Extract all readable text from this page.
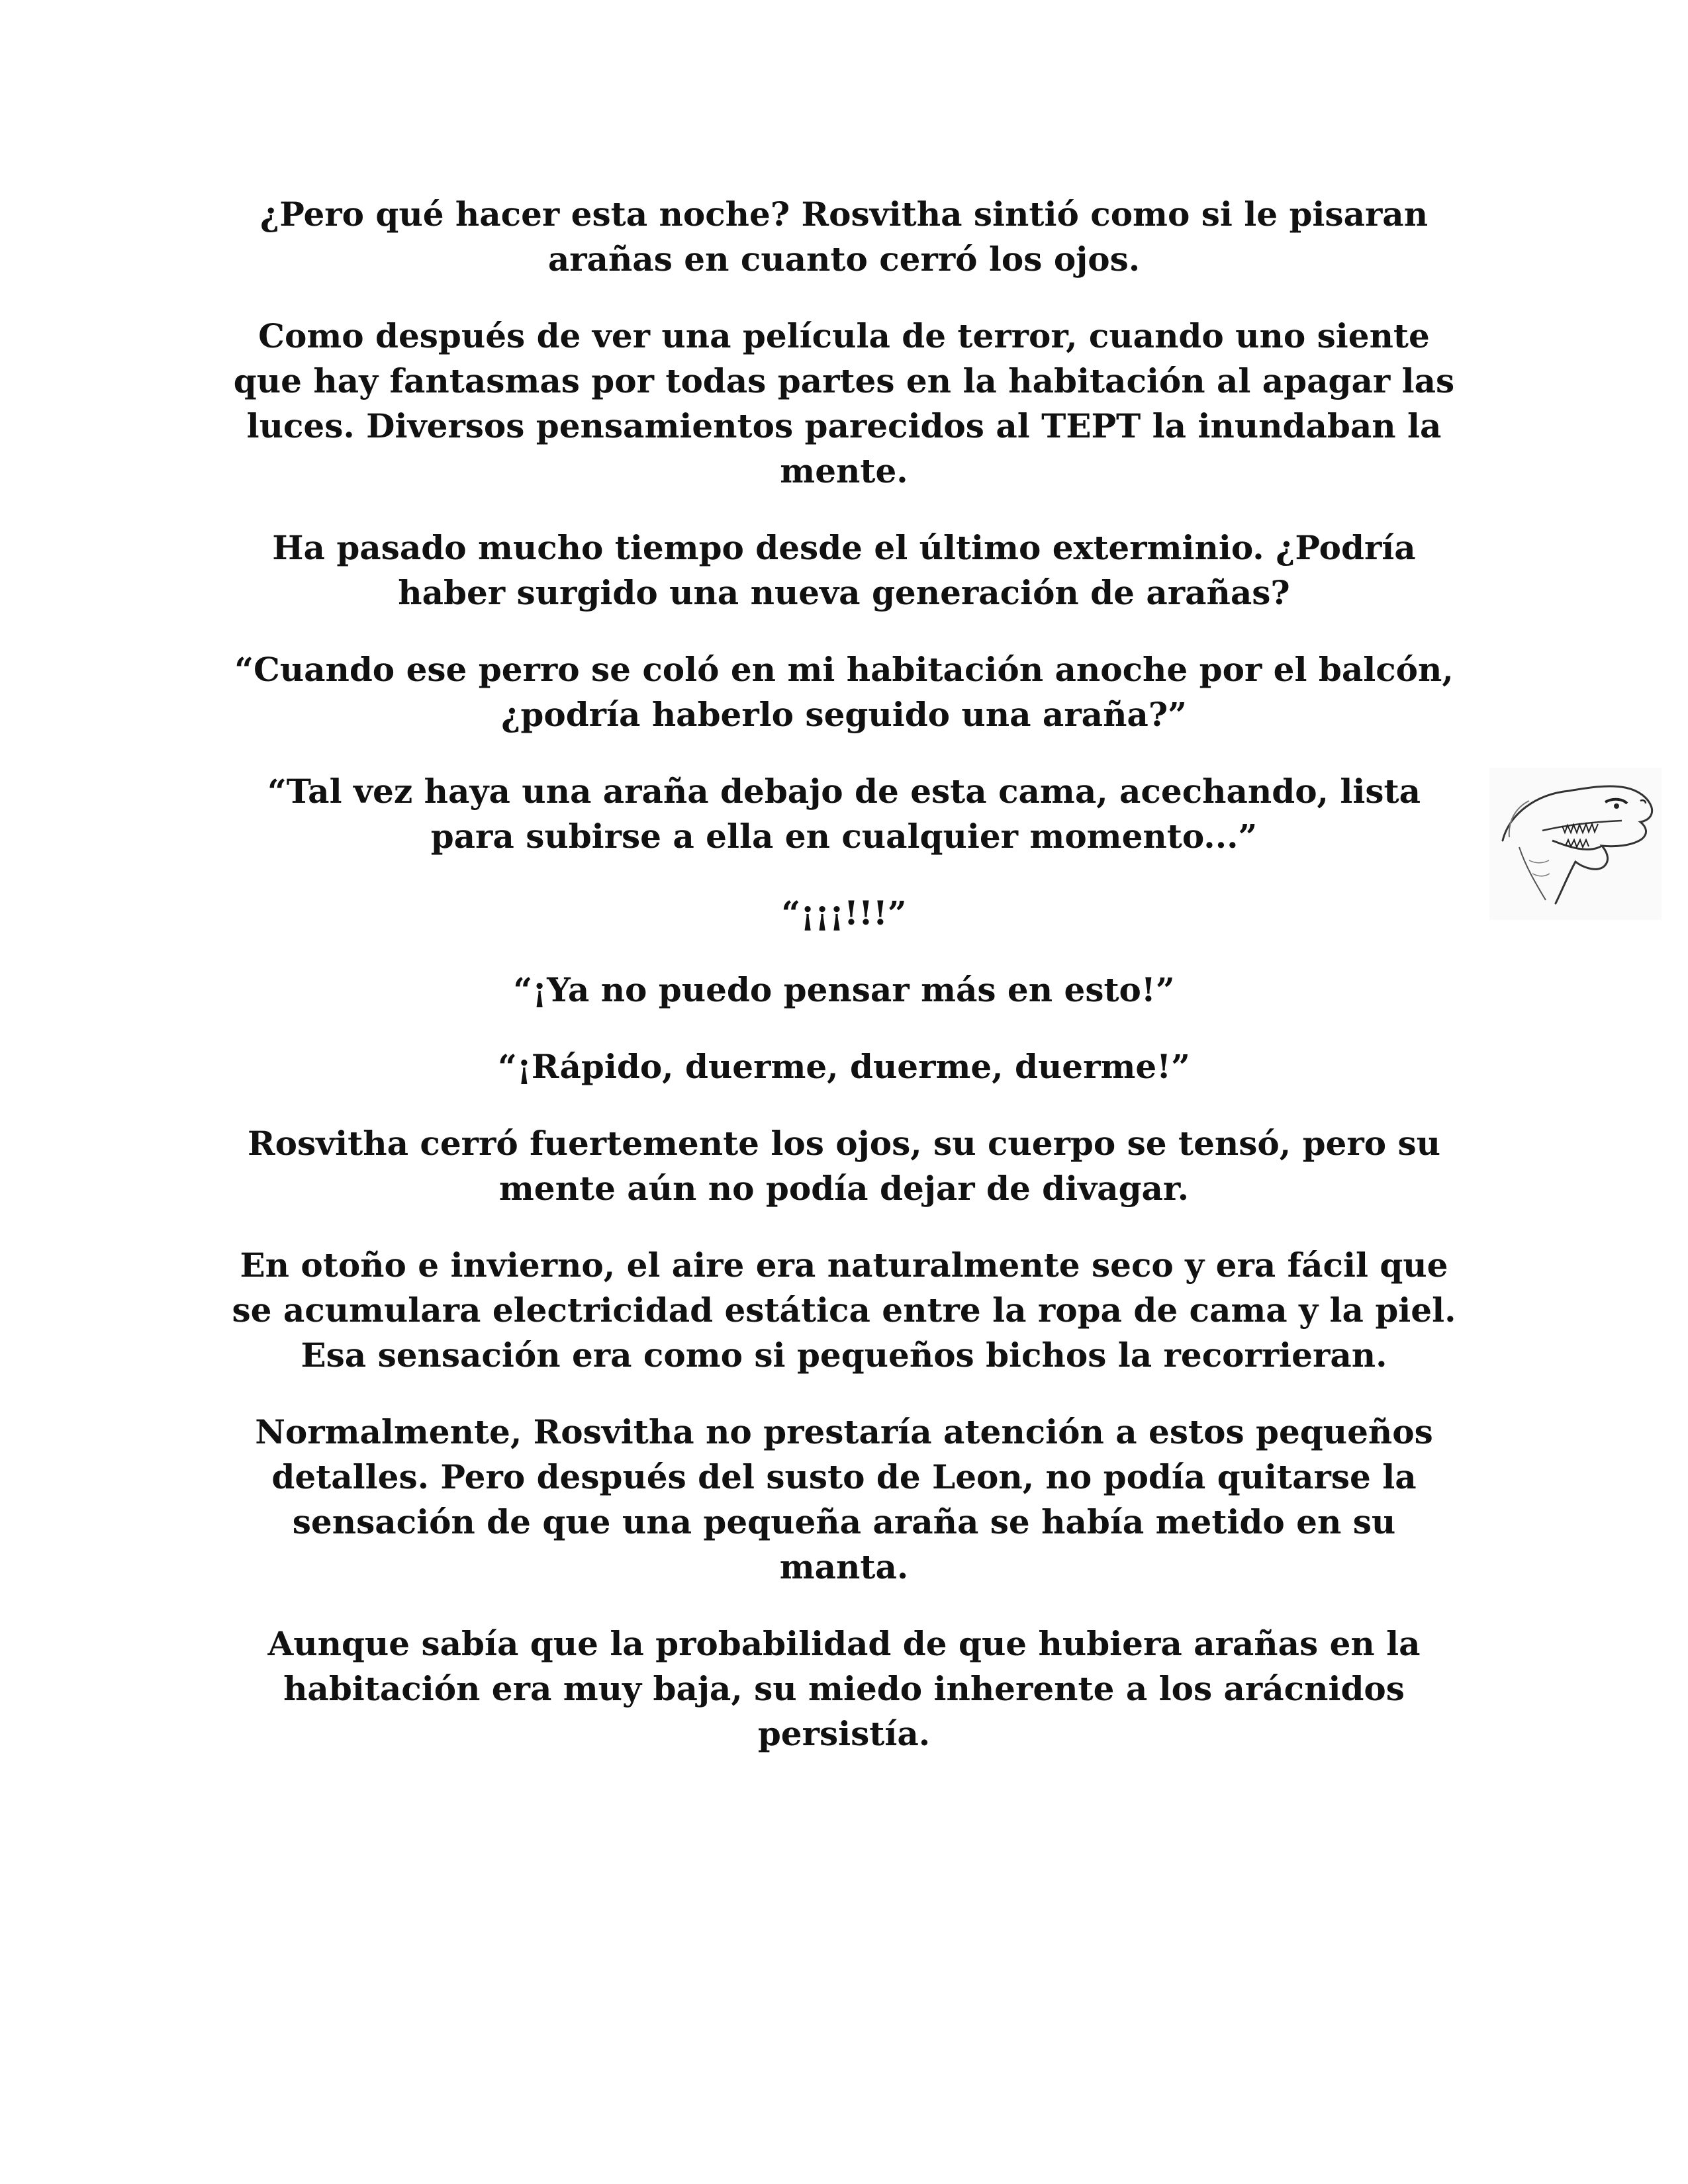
¿Pero qué hacer esta noche? Rosvitha sintió como si le pisaran arañas en cuanto cerró los ojos.

Como después de ver una película de terror, cuando uno siente que hay fantasmas por todas partes en la habitación al apagar las luces. Diversos pensamientos parecidos al TEPT la inundaban la mente.

Ha pasado mucho tiempo desde el último exterminio. ¿Podría haber surgido una nueva generación de arañas?

“Cuando ese perro se coló en mi habitación anoche por el balcón, ¿podría haberlo seguido una araña?”

“Tal vez haya una araña debajo de esta cama, acechando, lista para subirse a ella en cualquier momento...”

“¡¡¡!!!”

“¡Ya no puedo pensar más en esto!”

“¡Rápido, duerme, duerme, duerme!”

Rosvitha cerró fuertemente los ojos, su cuerpo se tensó, pero su mente aún no podía dejar de divagar.

En otoño e invierno, el aire era naturalmente seco y era fácil que se acumulara electricidad estática entre la ropa de cama y la piel. Esa sensación era como si pequeños bichos la recorrieran.

Normalmente, Rosvitha no prestaría atención a estos pequeños detalles. Pero después del susto de Leon, no podía quitarse la sensación de que una pequeña araña se había metido en su manta.

Aunque sabía que la probabilidad de que hubiera arañas en la habitación era muy baja, su miedo inherente a los arácnidos persistía.
